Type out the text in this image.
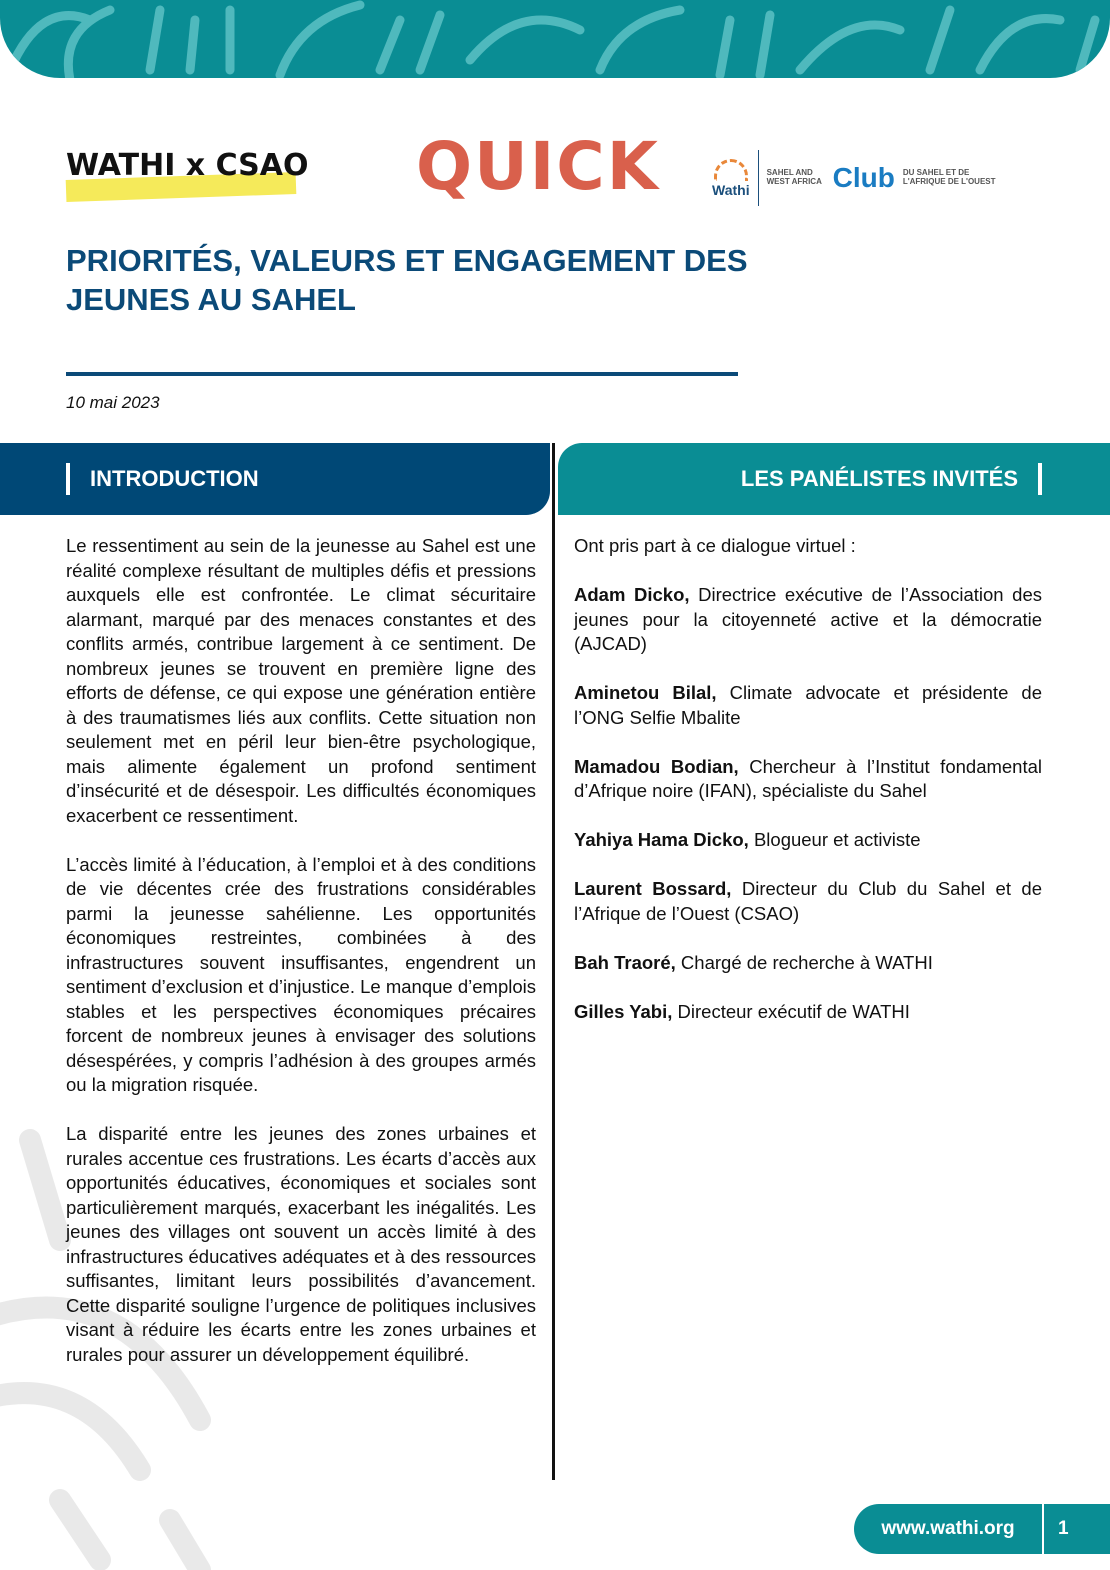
WATHI x CSAO QUICK	Wathi
SAHEL AND WEST AFRICA Club DU SAHEL ET DE L'AFRIQUE DE L'OUEST
PRIORITÉS, VALEURS ET ENGAGEMENT DES JEUNES AU SAHEL
10 mai 2023
INTRODUCTION	LES PANÉLISTES INVITÉS

Le ressentiment au sein de la jeunesse au Sahel est une réalité complexe résultant de multiples défis et pressions auxquels elle est confrontée. Le climat sécuritaire alarmant, marqué par des menaces constantes et des conflits armés, contribue largement à ce sentiment. De nombreux jeunes se trouvent en première ligne des efforts de défense, ce qui expose une génération entière à des traumatismes liés aux conflits. Cette situation non seulement met en péril leur bien-être psychologique, mais alimente également un profond sentiment d’insécurité et de désespoir. Les difficultés économiques exacerbent ce ressentiment.

L’accès limité à l’éducation, à l’emploi et à des conditions de vie décentes crée des frustrations considérables parmi la jeunesse sahélienne. Les opportunités économiques restreintes, combinées à des infrastructures souvent insuffisantes, engendrent un sentiment d’exclusion et d’injustice. Le manque d’emplois stables et les perspectives économiques précaires forcent de nombreux jeunes à envisager des solutions désespérées, y compris l’adhésion à des groupes armés ou la migration risquée.

La disparité entre les jeunes des zones urbaines et rurales accentue ces frustrations. Les écarts d’accès aux opportunités éducatives, économiques et sociales sont particulièrement marqués, exacerbant les inégalités. Les jeunes des villages ont souvent un accès limité à des infrastructures éducatives adéquates et à des ressources suffisantes, limitant leurs possibilités d’avancement. Cette disparité souligne l’urgence de politiques inclusives visant à réduire les écarts entre les zones urbaines et rurales pour assurer un développement équilibré.

Ont pris part à ce dialogue virtuel :

Adam Dicko, Directrice exécutive de l’Association des jeunes pour la citoyenneté active et la démocratie (AJCAD)

Aminetou Bilal, Climate advocate et présidente de l’ONG Selfie Mbalite

Mamadou Bodian, Chercheur à l’Institut fondamental d’Afrique noire (IFAN), spécialiste du Sahel

Yahiya Hama Dicko, Blogueur et activiste

Laurent Bossard, Directeur du Club du Sahel et de l’Afrique de l’Ouest (CSAO)

Bah Traoré, Chargé de recherche à WATHI

Gilles Yabi, Directeur exécutif de WATHI

www.wathi.org	1
